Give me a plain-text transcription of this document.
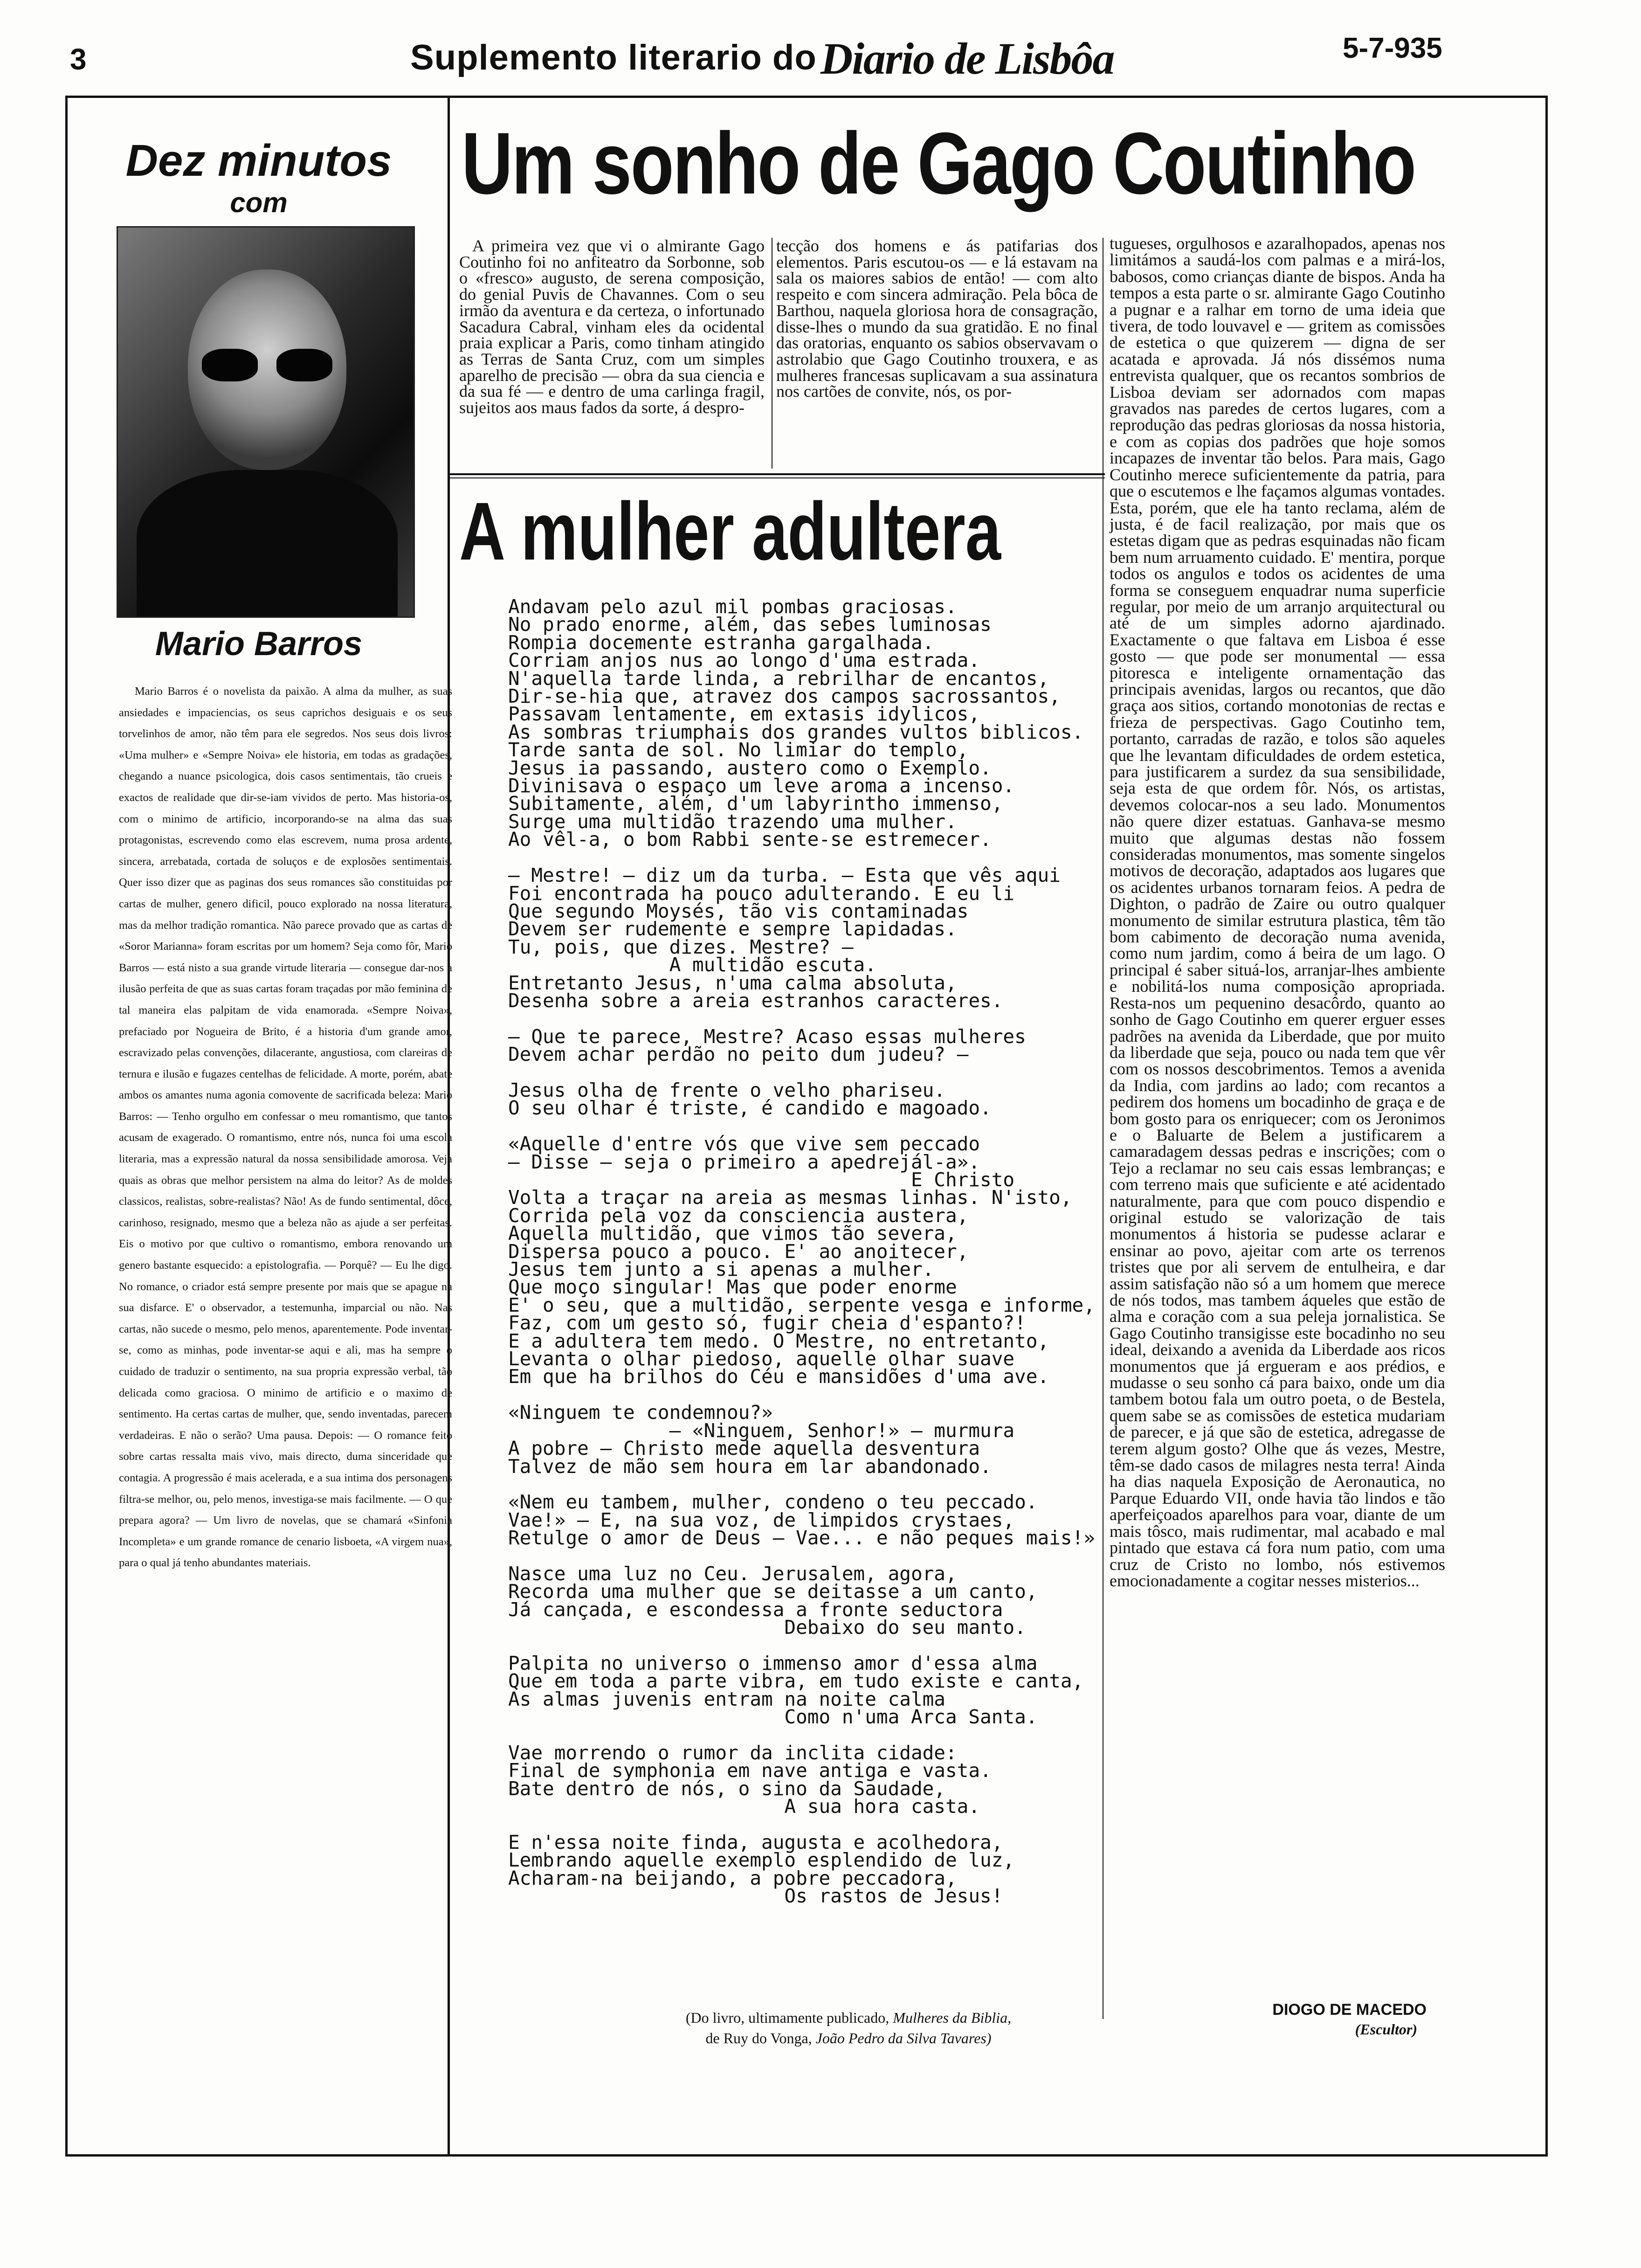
3	Suplemento literario do Diario de Lisbôa	5-7-935
Dez minutos
com
Mario Barros

Mario Barros é o novelista da paixão. A alma da mulher, as suas ansiedades e impaciencias, os seus caprichos desiguais e os seus torvelinhos de amor, não têm para ele segredos. Nos seus dois livros: «Uma mulher» e «Sempre Noiva» ele historia, em todas as gradações, chegando a nuance psicologica, dois casos sentimentais, tão crueis e exactos de realidade que dir-se-iam vividos de perto. Mas historia-os, com o minimo de artificio, incorporando-se na alma das suas protagonistas, escrevendo como elas escrevem, numa prosa ardente, sincera, arrebatada, cortada de soluços e de explosões sentimentais. Quer isso dizer que as paginas dos seus romances são constituidas por cartas de mulher, genero dificil, pouco explorado na nossa literatura, mas da melhor tradição romantica. Não parece provado que as cartas de «Soror Marianna» foram escritas por um homem? Seja como fôr, Mario Barros — está nisto a sua grande virtude literaria — consegue dar-nos a ilusão perfeita de que as suas cartas foram traçadas por mão feminina de tal maneira elas palpitam de vida enamorada. «Sempre Noiva», prefaciado por Nogueira de Brito, é a historia d'um grande amor, escravizado pelas convenções, dilacerante, angustiosa, com clareiras de ternura e ilusão e fugazes centelhas de felicidade. A morte, porém, abate ambos os amantes numa agonia comovente de sacrificada beleza: Mario Barros: — Tenho orgulho em confessar o meu romantismo, que tantos acusam de exagerado. O romantismo, entre nós, nunca foi uma escola literaria, mas a expressão natural da nossa sensibilidade amorosa. Veja quais as obras que melhor persistem na alma do leitor? As de moldes classicos, realistas, sobre-realistas? Não! As de fundo sentimental, dôce, carinhoso, resignado, mesmo que a beleza não as ajude a ser perfeitas. Eis o motivo por que cultivo o romantismo, embora renovando um genero bastante esquecido: a epistolografia. — Porquê? — Eu lhe digo. No romance, o criador está sempre presente por mais que se apague na sua disfarce. E' o observador, a testemunha, imparcial ou não. Nas cartas, não sucede o mesmo, pelo menos, aparentemente. Pode inventar-se, como as minhas, pode inventar-se aqui e ali, mas ha sempre o cuidado de traduzir o sentimento, na sua propria expressão verbal, tão delicada como graciosa. O minimo de artificio e o maximo de sentimento. Ha certas cartas de mulher, que, sendo inventadas, parecem verdadeiras. E não o serão? Uma pausa. Depois: — O romance feito sobre cartas ressalta mais vivo, mais directo, duma sinceridade que contagia. A progressão é mais acelerada, e a sua intima dos personagens filtra-se melhor, ou, pelo menos, investiga-se mais facilmente. — O que prepara agora? — Um livro de novelas, que se chamará «Sinfonia Incompleta» e um grande romance de cenario lisboeta, «A virgem nua», para o qual já tenho abundantes materiais.

Um sonho de Gago Coutinho

A primeira vez que vi o almirante Gago Coutinho foi no anfiteatro da Sorbonne, sob o «fresco» augusto, de serena composição, do genial Puvis de Chavannes. Com o seu irmão da aventura e da certeza, o infortunado Sacadura Cabral, vinham eles da ocidental praia explicar a Paris, como tinham atingido as Terras de Santa Cruz, com um simples aparelho de precisão — obra da sua ciencia e da sua fé — e dentro de uma carlinga fragil, sujeitos aos maus fados da sorte, á despro-

tecção dos homens e ás patifarias dos elementos. Paris escutou-os — e lá estavam na sala os maiores sabios de então! — com alto respeito e com sincera admiração. Pela bôca de Barthou, naquela gloriosa hora de consagração, disse-lhes o mundo da sua gratidão. E no final das oratorias, enquanto os sabios observavam o astrolabio que Gago Coutinho trouxera, e as mulheres francesas suplicavam a sua assinatura nos cartões de convite, nós, os por-

tugueses, orgulhosos e azaralhopados, apenas nos limitámos a saudá-los com palmas e a mirá-los, babosos, como crianças diante de bispos. Anda ha tempos a esta parte o sr. almirante Gago Coutinho a pugnar e a ralhar em torno de uma ideia que tivera, de todo louvavel e — gritem as comissões de estetica o que quizerem — digna de ser acatada e aprovada. Já nós dissémos numa entrevista qualquer, que os recantos sombrios de Lisboa deviam ser adornados com mapas gravados nas paredes de certos lugares, com a reprodução das pedras gloriosas da nossa historia, e com as copias dos padrões que hoje somos incapazes de inventar tão belos. Para mais, Gago Coutinho merece suficientemente da patria, para que o escutemos e lhe façamos algumas vontades. Esta, porém, que ele ha tanto reclama, além de justa, é de facil realização, por mais que os estetas digam que as pedras esquinadas não ficam bem num arruamento cuidado. E' mentira, porque todos os angulos e todos os acidentes de uma forma se conseguem enquadrar numa superficie regular, por meio de um arranjo arquitectural ou até de um simples adorno ajardinado. Exactamente o que faltava em Lisboa é esse gosto — que pode ser monumental — essa pitoresca e inteligente ornamentação das principais avenidas, largos ou recantos, que dão graça aos sitios, cortando monotonias de rectas e frieza de perspectivas. Gago Coutinho tem, portanto, carradas de razão, e tolos são aqueles que lhe levantam dificuldades de ordem estetica, para justificarem a surdez da sua sensibilidade, seja esta de que ordem fôr. Nós, os artistas, devemos colocar-nos a seu lado. Monumentos não quere dizer estatuas. Ganhava-se mesmo muito que algumas destas não fossem consideradas monumentos, mas somente singelos motivos de decoração, adaptados aos lugares que os acidentes urbanos tornaram feios. A pedra de Dighton, o padrão de Zaire ou outro qualquer monumento de similar estrutura plastica, têm tão bom cabimento de decoração numa avenida, como num jardim, como á beira de um lago. O principal é saber situá-los, arranjar-lhes ambiente e nobilitá-los numa composição apropriada. Resta-nos um pequenino desacôrdo, quanto ao sonho de Gago Coutinho em querer erguer esses padrões na avenida da Liberdade, que por muito da liberdade que seja, pouco ou nada tem que vêr com os nossos descobrimentos. Temos a avenida da India, com jardins ao lado; com recantos a pedirem dos homens um bocadinho de graça e de bom gosto para os enriquecer; com os Jeronimos e o Baluarte de Belem a justificarem a camaradagem dessas pedras e inscrições; com o Tejo a reclamar no seu cais essas lembranças; e com terreno mais que suficiente e até acidentado naturalmente, para que com pouco dispendio e original estudo se valorização de tais monumentos á historia se pudesse aclarar e ensinar ao povo, ajeitar com arte os terrenos tristes que por ali servem de entulheira, e dar assim satisfação não só a um homem que merece de nós todos, mas tambem áqueles que estão de alma e coração com a sua peleja jornalistica. Se Gago Coutinho transigisse este bocadinho no seu ideal, deixando a avenida da Liberdade aos ricos monumentos que já ergueram e aos prédios, e mudasse o seu sonho cá para baixo, onde um dia tambem botou fala um outro poeta, o de Bestela, quem sabe se as comissões de estetica mudariam de parecer, e já que são de estetica, adregasse de terem algum gosto? Olhe que ás vezes, Mestre, têm-se dado casos de milagres nesta terra! Ainda ha dias naquela Exposição de Aeronautica, no Parque Eduardo VII, onde havia tão lindos e tão aperfeiçoados aparelhos para voar, diante de um mais tôsco, mais rudimentar, mal acabado e mal pintado que estava cá fora num patio, com uma cruz de Cristo no lombo, nós estivemos emocionadamente a cogitar nesses misterios...

DIOGO DE MACEDO
(Escultor)
A mulher adultera
Andavam pelo azul mil pombas graciosas.
No prado enorme, além, das sebes luminosas
Rompia docemente estranha gargalhada.
Corriam anjos nus ao longo d'uma estrada.
N'aquella tarde linda, a rebrilhar de encantos,
Dir-se-hia que, atravez dos campos sacrossantos,
Passavam lentamente, em extasis idylicos,
As sombras triumphais dos grandes vultos biblicos.
Tarde santa de sol. No limiar do templo,
Jesus ia passando, austero como o Exemplo.
Divinisava o espaço um leve aroma a incenso.
Subitamente, além, d'um labyrintho immenso,
Surge uma multidão trazendo uma mulher.
Ao vêl-a, o bom Rabbi sente-se estremecer.

— Mestre! — diz um da turba. — Esta que vês aqui
Foi encontrada ha pouco adulterando. E eu li
Que segundo Moysés, tão vis contaminadas
Devem ser rudemente e sempre lapidadas.
Tu, pois, que dizes. Mestre? —
A multidão escuta.
Entretanto Jesus, n'uma calma absoluta,
Desenha sobre a areia estranhos caracteres.

— Que te parece, Mestre? Acaso essas mulheres
Devem achar perdão no peito dum judeu? —

Jesus olha de frente o velho phariseu.
O seu olhar é triste, é candido e magoado.

«Aquelle d'entre vós que vive sem peccado
— Disse — seja o primeiro a apedrejál-a».
E Christo
Volta a traçar na areia as mesmas linhas. N'isto,
Corrida pela voz da consciencia austera,
Aquella multidão, que vimos tão severa,
Dispersa pouco a pouco. E' ao anoitecer,
Jesus tem junto a si apenas a mulher.
Que moço singular! Mas que poder enorme
E' o seu, que a multidão, serpente vesga e informe,
Faz, com um gesto só, fugir cheia d'espanto?!
E a adultera tem medo. O Mestre, no entretanto,
Levanta o olhar piedoso, aquelle olhar suave
Em que ha brilhos do Céu e mansidões d'uma ave.

«Ninguem te condemnou?»
— «Ninguem, Senhor!» — murmura
A pobre — Christo mede aquella desventura
Talvez de mão sem houra em lar abandonado.

«Nem eu tambem, mulher, condeno o teu peccado.
Vae!» — E, na sua voz, de limpidos crystaes,
Retulge o amor de Deus — Vae... e não peques mais!»

Nasce uma luz no Ceu. Jerusalem, agora,
Recorda uma mulher que se deitasse a um canto,
Já cançada, e escondessa a fronte seductora
Debaixo do seu manto.

Palpita no universo o immenso amor d'essa alma
Que em toda a parte vibra, em tudo existe e canta,
As almas juvenis entram na noite calma
Como n'uma Arca Santa.

Vae morrendo o rumor da inclita cidade:
Final de symphonia em nave antiga e vasta.
Bate dentro de nós, o sino da Saudade,
A sua hora casta.

E n'essa noite finda, augusta e acolhedora,
Lembrando aquelle exemplo esplendido de luz,
Acharam-na beijando, a pobre peccadora,
Os rastos de Jesus!
(Do livro, ultimamente publicado, Mulheres da Biblia,
de Ruy do Vonga, João Pedro da Silva Tavares)
